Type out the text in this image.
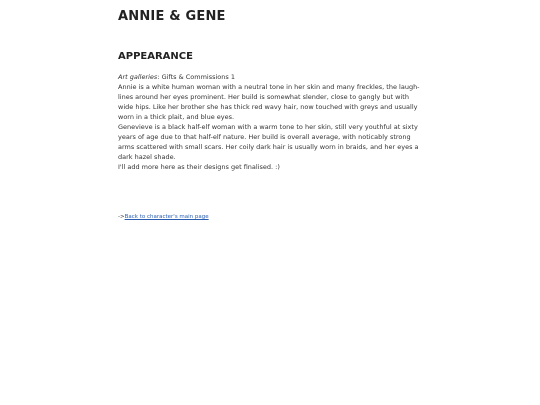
ANNIE & GENE
APPEARANCE
Art galleries: Gifts & Commissions 1

Annie is a white human woman with a neutral tone in her skin and many freckles, the laugh-lines around her eyes prominent. Her build is somewhat slender, close to gangly but with wide hips. Like her brother she has thick red wavy hair, now touched with greys and usually worn in a thick plait, and blue eyes.

Genevieve is a black half-elf woman with a warm tone to her skin, still very youthful at sixty years of age due to that half-elf nature. Her build is overall average, with noticably strong arms scattered with small scars. Her coily dark hair is usually worn in braids, and her eyes a dark hazel shade.

I'll add more here as their designs get finalised. :)

->Back to character's main page
